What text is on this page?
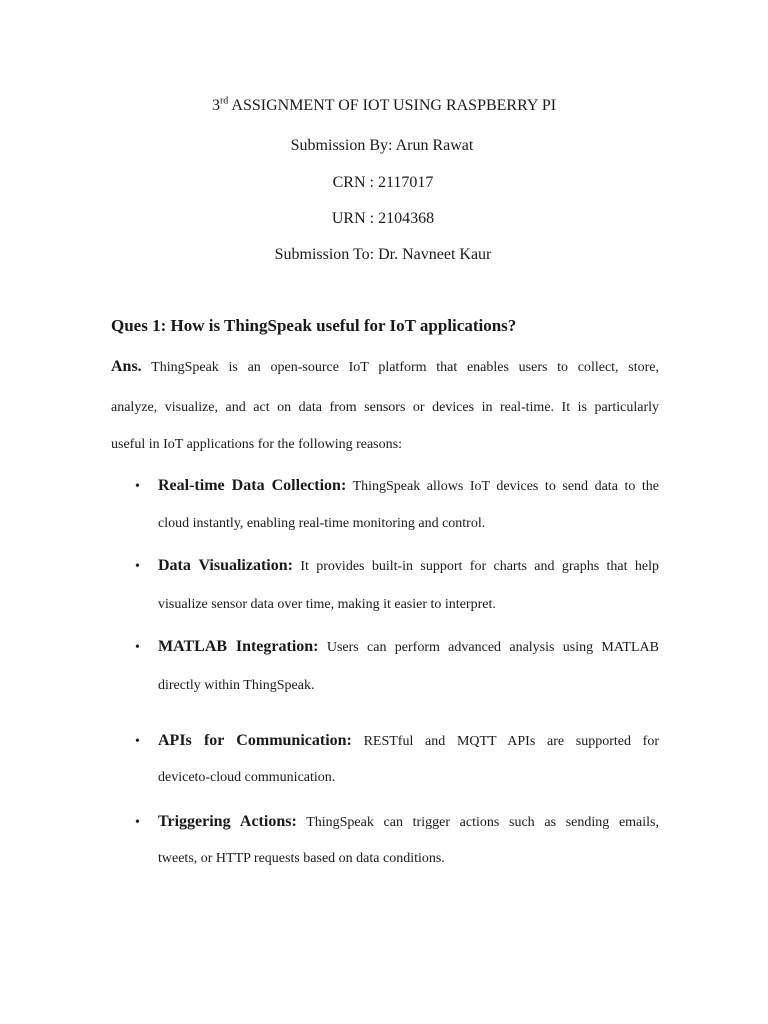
3rd ASSIGNMENT OF IOT USING RASPBERRY PI
Submission By: Arun Rawat
CRN : 2117017
URN : 2104368
Submission To: Dr. Navneet Kaur
Ques 1: How is ThingSpeak useful for IoT applications?
Ans. ThingSpeak is an open-source IoT platform that enables users to collect, store,
analyze, visualize, and act on data from sensors or devices in real-time. It is particularly
useful in IoT applications for the following reasons:
• Real-time Data Collection: ThingSpeak allows IoT devices to send data to the
cloud instantly, enabling real-time monitoring and control.
• Data Visualization: It provides built-in support for charts and graphs that help
visualize sensor data over time, making it easier to interpret.
• MATLAB Integration: Users can perform advanced analysis using MATLAB
directly within ThingSpeak.
• APIs for Communication: RESTful and MQTT APIs are supported for
deviceto-cloud communication.
• Triggering Actions: ThingSpeak can trigger actions such as sending emails,
tweets, or HTTP requests based on data conditions.
